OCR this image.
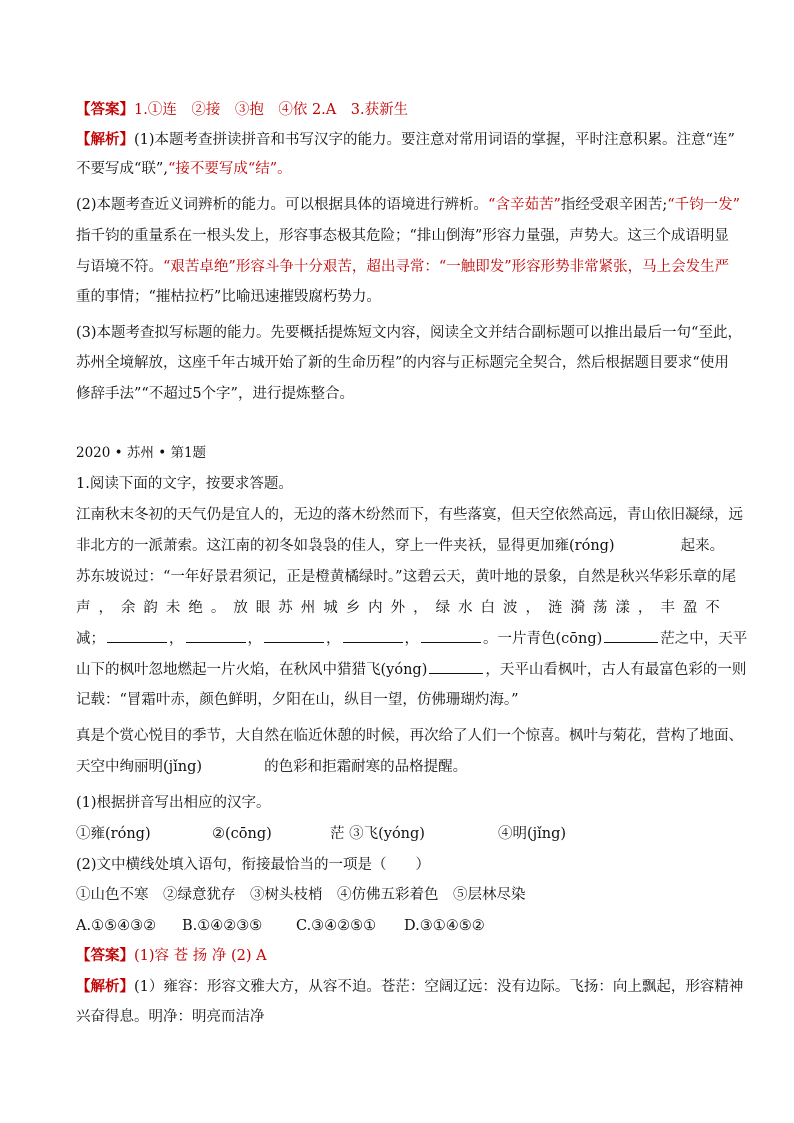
【答案】1.①连　②接　③抱　④依 2.A　3.获新生
【解析】(1)本题考查拼读拼音和书写汉字的能力。要注意对常用词语的掌握，平时注意积累。注意“连”
不要写成“联”,“接不要写成“结”。
(2)本题考查近义词辨析的能力。可以根据具体的语境进行辨析。“含辛茹苦”指经受艰辛困苦;“千钧一发”
指千钧的重量系在一根头发上，形容事态极其危险；“排山倒海”形容力量强，声势大。这三个成语明显
与语境不符。“艰苦卓绝”形容斗争十分艰苦，超出寻常：“一触即发”形容形势非常紧张，马上会发生严
重的事情；“摧枯拉朽”比喻迅速摧毁腐朽势力。
(3)本题考查拟写标题的能力。先要概括提炼短文内容，阅读全文并结合副标题可以推出最后一句“至此，
苏州全境解放，这座千年古城开始了新的生命历程”的内容与正标题完全契合，然后根据题目要求“使用
修辞手法”“不超过5个字”，进行提炼整合。
2020 • 苏州 • 第1题
1.阅读下面的文字，按要求答题。
江南秋末冬初的天气仍是宜人的，无边的落木纷然而下，有些落寞，但天空依然高远，青山依旧凝绿，远
非北方的一派萧索。这江南的初冬如袅袅的佳人，穿上一件夹袄，显得更加雍(róng)	起来。
苏东坡说过：“一年好景君须记，正是橙黄橘绿时。”这碧云天，黄叶地的景象，自然是秋兴华彩乐章的尾
声，余韵未绝。放眼苏州城乡内外，绿水白波，涟漪荡漾，丰盈不
减；	，	，	，	，	。一片青色(cōng)	茫之中，天平
山下的枫叶忽地燃起一片火焰，在秋风中猎猎飞(yóng)	，天平山看枫叶，古人有最富色彩的一则
记载：“冒霜叶赤，颜色鲜明，夕阳在山，纵目一望，仿佛珊瑚灼海。”
真是个赏心悦目的季节，大自然在临近休憩的时候，再次给了人们一个惊喜。枫叶与菊花，营构了地面、
天空中绚丽明(jǐng)	的色彩和拒霜耐寒的品格提醒。
(1)根据拼音写出相应的汉字。
①雍(róng)	②(cōng)	茫 ③飞(yóng)	④明(jǐng)
(2)文中横线处填入语句，衔接最恰当的一项是（　　）
①山色不寒　②绿意犹存　③树头枝梢　④仿佛五彩着色　⑤层林尽染
A.①⑤④③② B.①④②③⑤ C.③④②⑤① D.③①④⑤②
【答案】(1)容 苍 扬 净 (2) A
【解析】(1）雍容：形容文雅大方，从容不迫。苍茫：空阔辽远：没有边际。飞扬：向上飘起，形容精神
兴奋得息。明净：明亮而洁净
